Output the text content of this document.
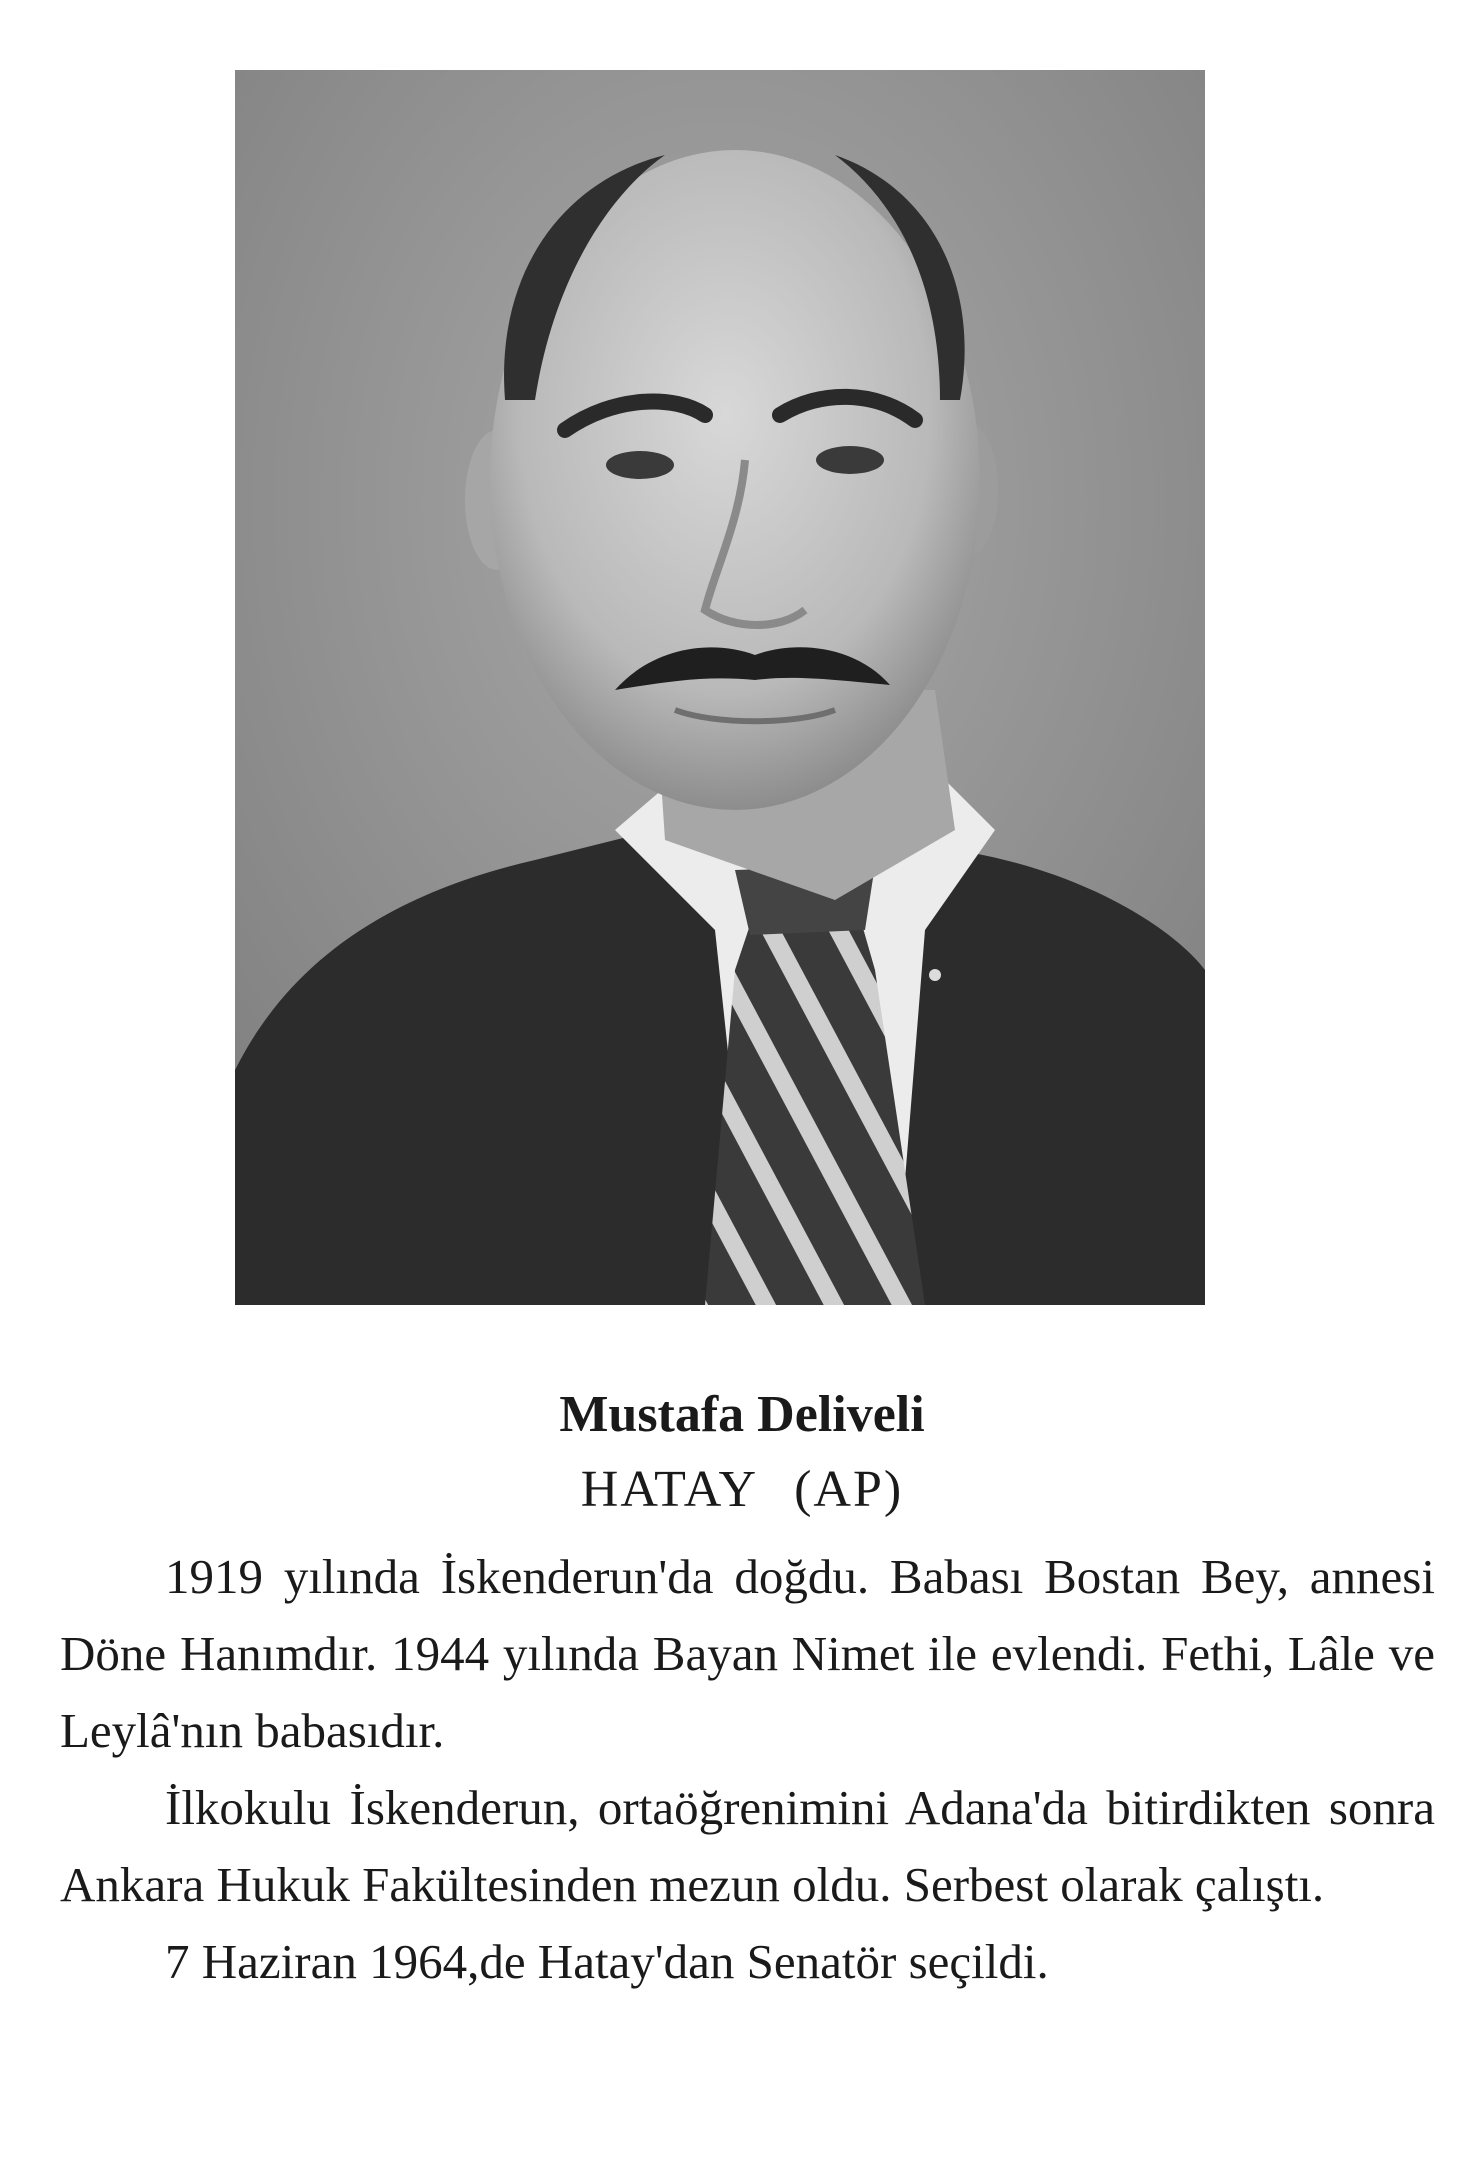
Mustafa Deliveli
HATAY (AP)

1919 yılında İskenderun'da doğdu. Babası Bostan Bey, annesi Döne Hanımdır. 1944 yılında Bayan Nimet ile evlendi. Fethi, Lâle ve Leylâ'nın babasıdır.

İlkokulu İskenderun, ortaöğrenimini Adana'da bitirdikten sonra Ankara Hukuk Fakültesinden mezun oldu. Serbest olarak çalıştı.

7 Haziran 1964,de Hatay'dan Senatör seçildi.
